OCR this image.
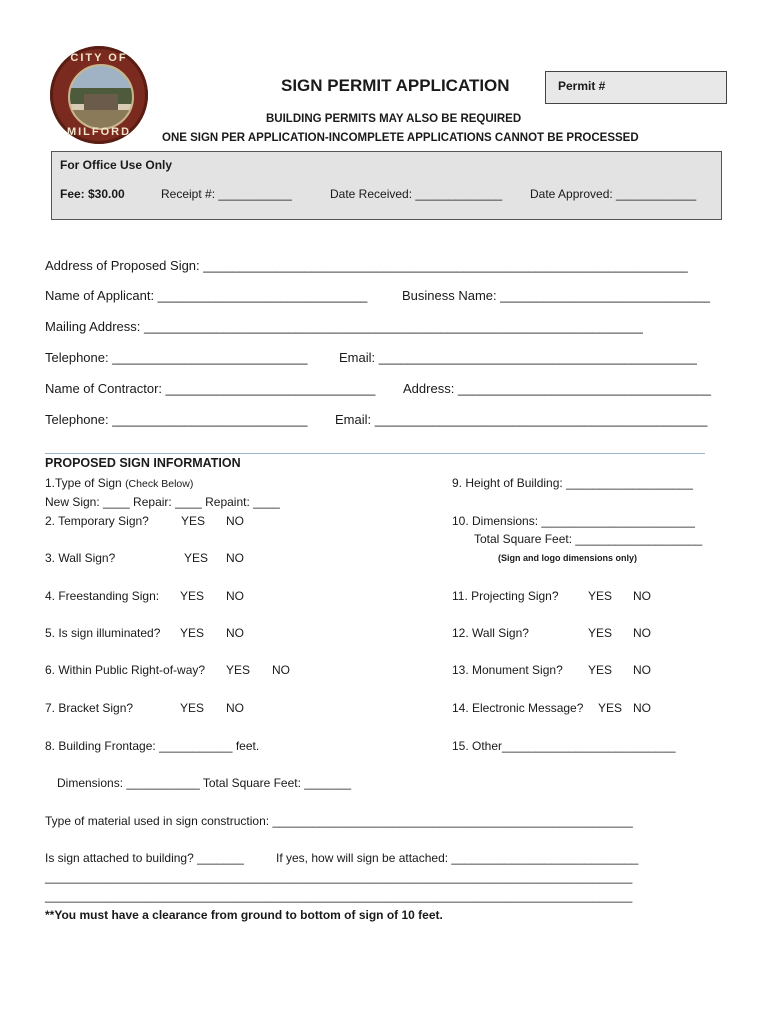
CITY OF
MILFORD
SIGN PERMIT APPLICATION	Permit #
BUILDING PERMITS MAY ALSO BE REQUIRED
ONE SIGN PER APPLICATION-INCOMPLETE APPLICATIONS CANNOT BE PROCESSED
For Office Use Only
Fee: $30.00	Receipt #: ___________	Date Received: _____________ Date Approved: ____________
Address of Proposed Sign: ___________________________________________________________________
Name of Applicant: _____________________________	Business Name: _____________________________
Mailing Address: _____________________________________________________________________
Telephone: ___________________________ Email: ____________________________________________
Name of Contractor: _____________________________ Address: ___________________________________
Telephone: ___________________________ Email: ______________________________________________
PROPOSED SIGN INFORMATION
1.Type of Sign (Check Below)
New Sign: ____ Repair: ____ Repaint: ____
2. Temporary Sign?	YES NO
3. Wall Sign?	YES NO
4. Freestanding Sign: YES NO
5. Is sign illuminated? YES NO
6. Within Public Right-of-way? YES NO
7. Bracket Sign?	YES NO
8. Building Frontage: ___________ feet.
9. Height of Building: ___________________
10. Dimensions: _______________________
Total Square Feet: ___________________
(Sign and logo dimensions only)
11. Projecting Sign? YES NO
12. Wall Sign?	YES NO
13. Monument Sign? YES NO
14. Electronic Message? YES NO
15. Other__________________________
Dimensions: ___________ Total Square Feet: _______
Type of material used in sign construction: ______________________________________________________
Is sign attached to building? _______	If yes, how will sign be attached: ____________________________
________________________________________________________________________________________
________________________________________________________________________________________
**You must have a clearance from ground to bottom of sign of 10 feet.
